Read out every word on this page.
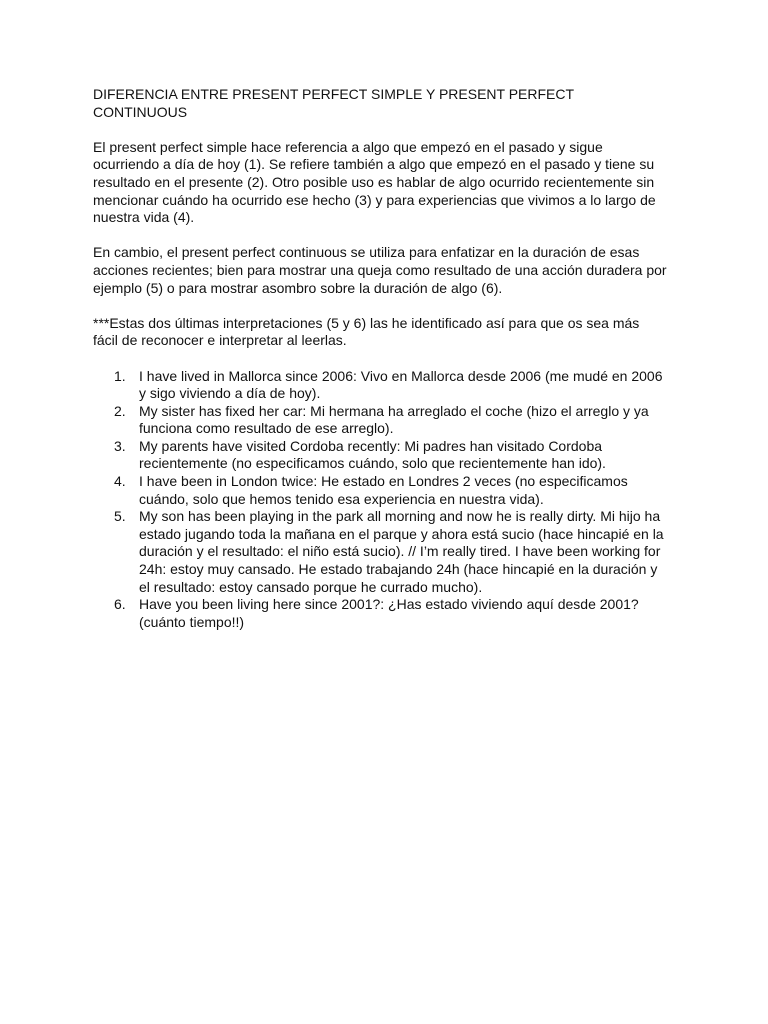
DIFERENCIA ENTRE PRESENT PERFECT SIMPLE Y PRESENT PERFECT
CONTINUOUS

El present perfect simple hace referencia a algo que empezó en el pasado y sigue
ocurriendo a día de hoy (1). Se refiere también a algo que empezó en el pasado y tiene su
resultado en el presente (2). Otro posible uso es hablar de algo ocurrido recientemente sin
mencionar cuándo ha ocurrido ese hecho (3) y para experiencias que vivimos a lo largo de
nuestra vida (4).

En cambio, el present perfect continuous se utiliza para enfatizar en la duración de esas
acciones recientes; bien para mostrar una queja como resultado de una acción duradera por
ejemplo (5) o para mostrar asombro sobre la duración de algo (6).

***Estas dos últimas interpretaciones (5 y 6) las he identificado así para que os sea más
fácil de reconocer e interpretar al leerlas.

1. I have lived in Mallorca since 2006: Vivo en Mallorca desde 2006 (me mudé en 2006
y sigo viviendo a día de hoy).
2. My sister has fixed her car: Mi hermana ha arreglado el coche (hizo el arreglo y ya
funciona como resultado de ese arreglo).
3. My parents have visited Cordoba recently: Mi padres han visitado Cordoba
recientemente (no especificamos cuándo, solo que recientemente han ido).
4. I have been in London twice: He estado en Londres 2 veces (no especificamos
cuándo, solo que hemos tenido esa experiencia en nuestra vida).
5. My son has been playing in the park all morning and now he is really dirty. Mi hijo ha
estado jugando toda la mañana en el parque y ahora está sucio (hace hincapié en la
duración y el resultado: el niño está sucio). // I’m really tired. I have been working for
24h: estoy muy cansado. He estado trabajando 24h (hace hincapié en la duración y
el resultado: estoy cansado porque he currado mucho).
6. Have you been living here since 2001?: ¿Has estado viviendo aquí desde 2001?
(cuánto tiempo!!)
